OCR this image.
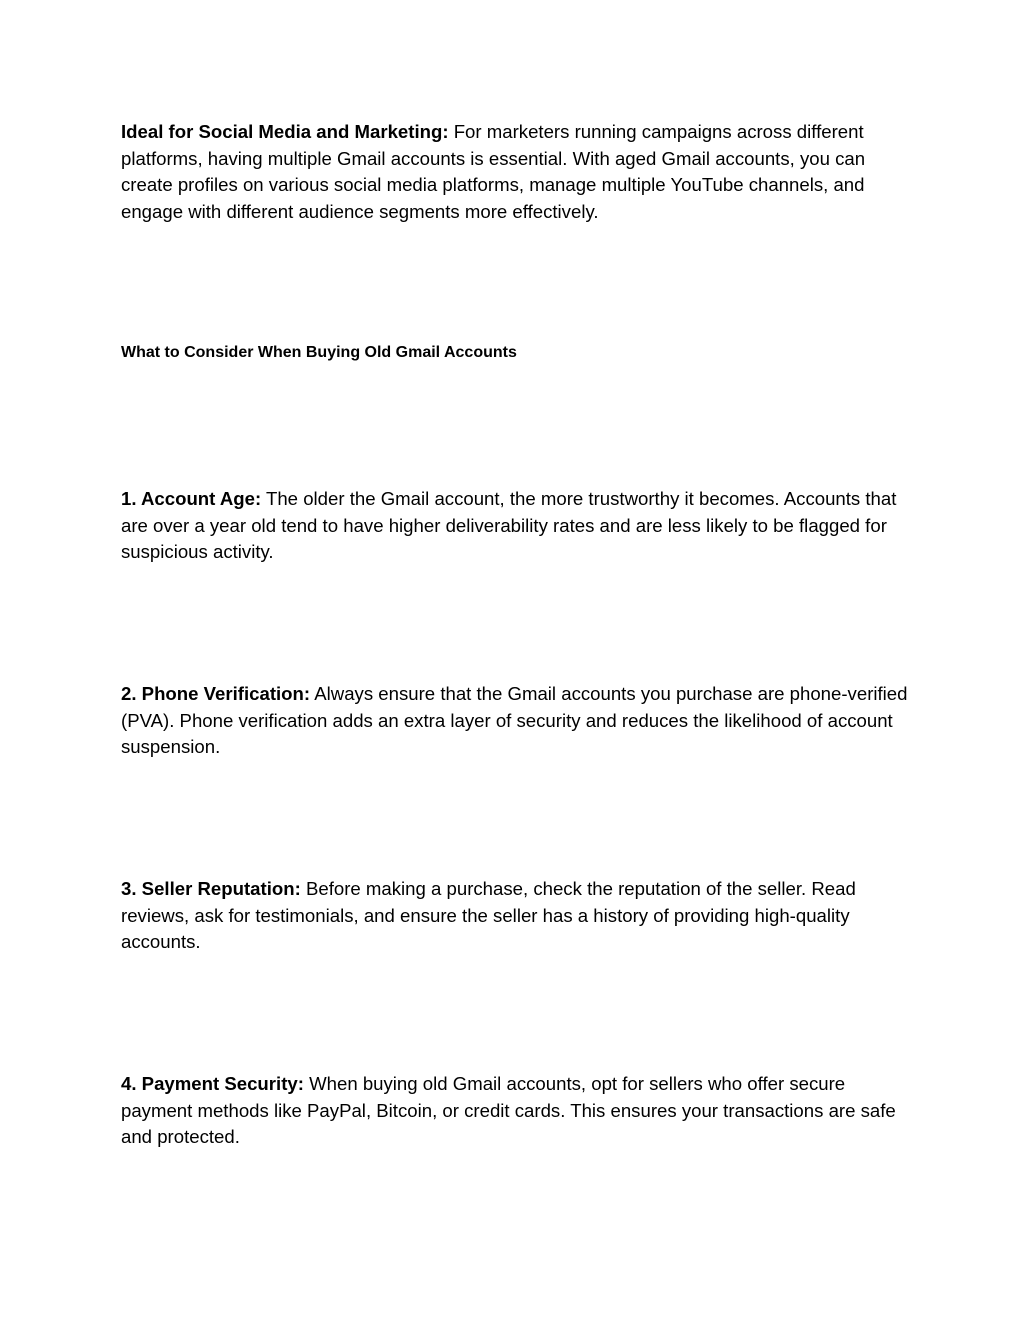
Ideal for Social Media and Marketing: For marketers running campaigns across different platforms, having multiple Gmail accounts is essential. With aged Gmail accounts, you can create profiles on various social media platforms, manage multiple YouTube channels, and engage with different audience segments more effectively.

What to Consider When Buying Old Gmail Accounts

1. Account Age: The older the Gmail account, the more trustworthy it becomes. Accounts that are over a year old tend to have higher deliverability rates and are less likely to be flagged for suspicious activity.

2. Phone Verification: Always ensure that the Gmail accounts you purchase are phone-verified (PVA). Phone verification adds an extra layer of security and reduces the likelihood of account suspension.

3. Seller Reputation: Before making a purchase, check the reputation of the seller. Read reviews, ask for testimonials, and ensure the seller has a history of providing high-quality accounts.

4. Payment Security: When buying old Gmail accounts, opt for sellers who offer secure payment methods like PayPal, Bitcoin, or credit cards. This ensures your transactions are safe and protected.
